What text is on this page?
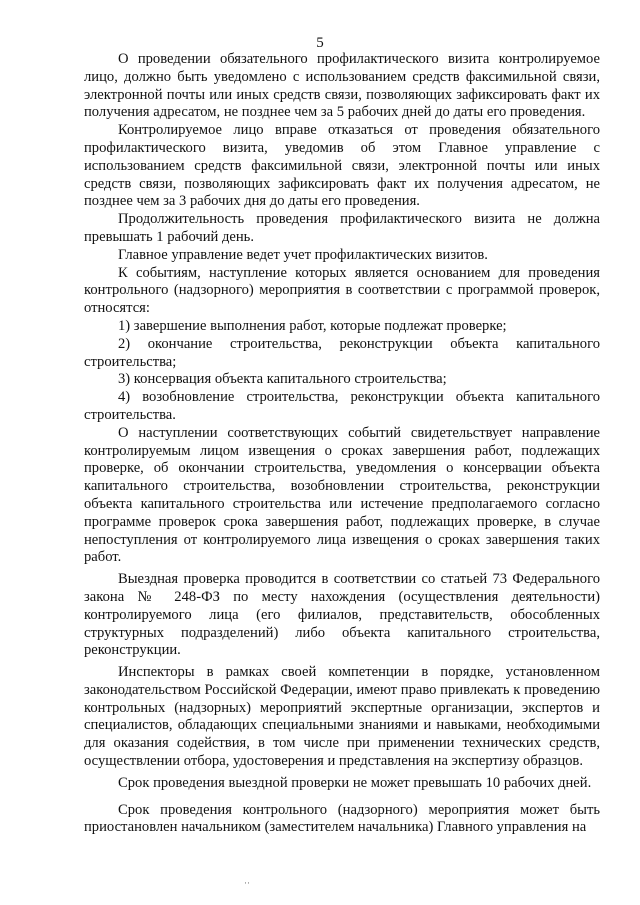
5

О проведении обязательного профилактического визита контролируемое лицо, должно быть уведомлено с использованием средств факсимильной связи, электронной почты или иных средств связи, позволяющих зафиксировать факт их получения адресатом, не позднее чем за 5 рабочих дней до даты его проведения.

Контролируемое лицо вправе отказаться от проведения обязательного профилактического визита, уведомив об этом Главное управление с использованием средств факсимильной связи, электронной почты или иных средств связи, позволяющих зафиксировать факт их получения адресатом, не позднее чем за 3 рабочих дня до даты его проведения.

Продолжительность проведения профилактического визита не должна превышать 1 рабочий день.

Главное управление ведет учет профилактических визитов.

К событиям, наступление которых является основанием для проведения контрольного (надзорного) мероприятия в соответствии с программой проверок, относятся:

1) завершение выполнения работ, которые подлежат проверке;

2) окончание строительства, реконструкции объекта капитального строительства;

3) консервация объекта капитального строительства;

4) возобновление строительства, реконструкции объекта капитального строительства.

О наступлении соответствующих событий свидетельствует направление контролируемым лицом извещения о сроках завершения работ, подлежащих проверке, об окончании строительства, уведомления о консервации объекта капитального строительства, возобновлении строительства, реконструкции объекта капитального строительства или истечение предполагаемого согласно программе проверок срока завершения работ, подлежащих проверке, в случае непоступления от контролируемого лица извещения о сроках завершения таких работ.

Выездная проверка проводится в соответствии со статьей 73 Федерального закона № 248-ФЗ по месту нахождения (осуществления деятельности) контролируемого лица (его филиалов, представительств, обособленных структурных подразделений) либо объекта капитального строительства, реконструкции.

Инспекторы в рамках своей компетенции в порядке, установленном законодательством Российской Федерации, имеют право привлекать к проведению контрольных (надзорных) мероприятий экспертные организации, экспертов и специалистов, обладающих специальными знаниями и навыками, необходимыми для оказания содействия, в том числе при применении технических средств, осуществлении отбора, удостоверения и представления на экспертизу образцов.

Срок проведения выездной проверки не может превышать 10 рабочих дней.

Срок проведения контрольного (надзорного) мероприятия может быть приостановлен начальником (заместителем начальника) Главного управления на

··
